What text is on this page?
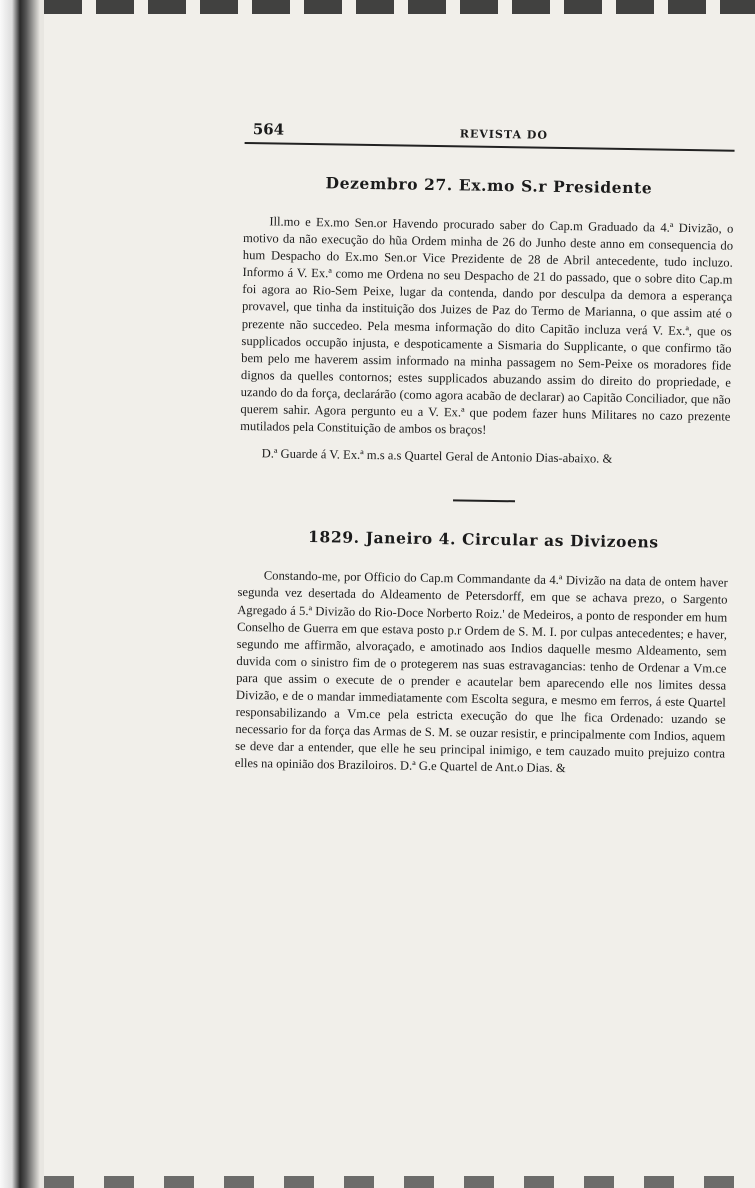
564	REVISTA DO
Dezembro 27. Ex.mo S.r Presidente

Ill.mo e Ex.mo Sen.or Havendo procurado saber do Cap.m Graduado da 4.ª Divizão, o motivo da não execução do hũa Ordem minha de 26 do Junho deste anno em consequencia do hum Despacho do Ex.mo Sen.or Vice Prezidente de 28 de Abril antecedente, tudo incluzo. Informo á V. Ex.ª como me Ordena no seu Despacho de 21 do passado, que o sobre dito Cap.m foi agora ao Rio-Sem Peixe, lugar da contenda, dando por desculpa da demora a esperança provavel, que tinha da instituição dos Juizes de Paz do Termo de Marianna, o que assim até o prezente não succedeo. Pela mesma informação do dito Capitão incluza verá V. Ex.ª, que os supplicados occupão injusta, e despoticamente a Sismaria do Supplicante, o que confirmo tão bem pelo me haverem assim informado na minha passagem no Sem-Peixe os moradores fide dignos da quelles contornos; estes supplicados abuzando assim do direito do propriedade, e uzando do da força, declarárão (como agora acabão de declarar) ao Capitão Conciliador, que não querem sahir. Agora pergunto eu a V. Ex.ª que podem fazer huns Militares no cazo prezente mutilados pela Constituição de ambos os braços!

D.ª Guarde á V. Ex.ª m.s a.s Quartel Geral de Antonio Dias-abaixo. &

1829. Janeiro 4. Circular as Divizoens

Constando-me, por Officio do Cap.m Commandante da 4.ª Divizão na data de ontem haver segunda vez desertada do Aldeamento de Petersdorff, em que se achava prezo, o Sargento Agregado á 5.ª Divizão do Rio-Doce Norberto Roiz.' de Medeiros, a ponto de responder em hum Conselho de Guerra em que estava posto p.r Ordem de S. M. I. por culpas antecedentes; e haver, segundo me affirmão, alvoraçado, e amotinado aos Indios daquelle mesmo Aldeamento, sem duvida com o sinistro fim de o protegerem nas suas estravagancias: tenho de Ordenar a Vm.ce para que assim o execute de o prender e acautelar bem aparecendo elle nos limites dessa Divizão, e de o mandar immediatamente com Escolta segura, e mesmo em ferros, á este Quartel responsabilizando a Vm.ce pela estricta execução do que lhe fica Ordenado: uzando se necessario for da força das Armas de S. M. se ouzar resistir, e principalmente com Indios, aquem se deve dar a entender, que elle he seu principal inimigo, e tem cauzado muito prejuizo contra elles na opinião dos Braziloiros. D.ª G.e Quartel de Ant.o Dias. &
